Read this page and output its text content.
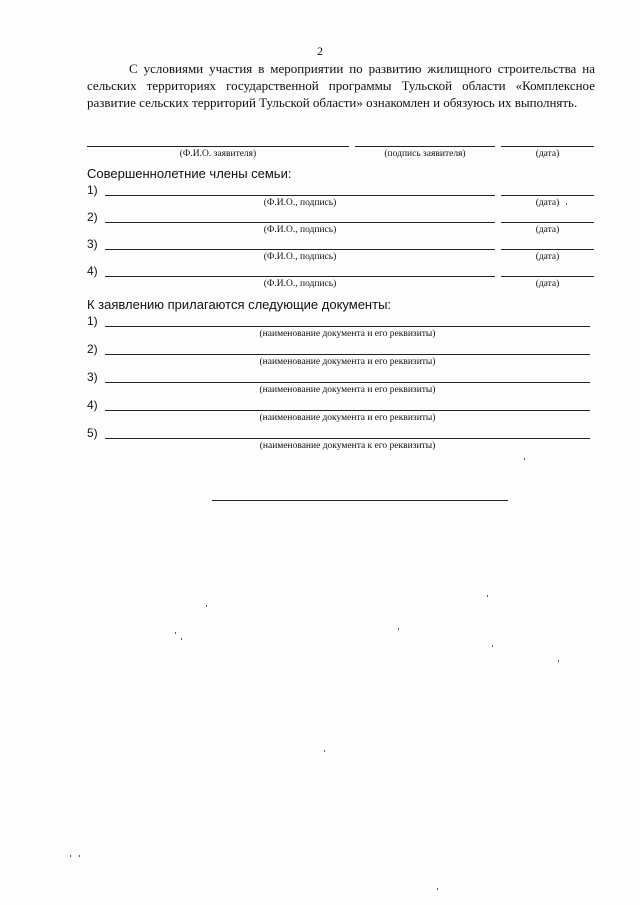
2

С условиями участия в мероприятии по развитию жилищного строительства на сельских территориях государственной программы Тульской области «Комплексное развитие сельских территорий Тульской области» ознакомлен и обязуюсь их выполнять.

(Ф.И.О. заявителя)	(подпись заявителя)	(дата)
Совершеннолетние члены семьи:
1)
(Ф.И.О., подпись)	(дата)
2)
(Ф.И.О., подпись)	(дата)
3)
(Ф.И.О., подпись)	(дата)
4)
(Ф.И.О., подпись)	(дата)
К заявлению прилагаются следующие документы:
1)
(наименование документа и его реквизиты)
2)
(наименование документа и его реквизиты)
3)
(наименование документа и его реквизиты)
4)
(наименование документа и его реквизиты)
5)
(наименование документа к его реквизиты)
